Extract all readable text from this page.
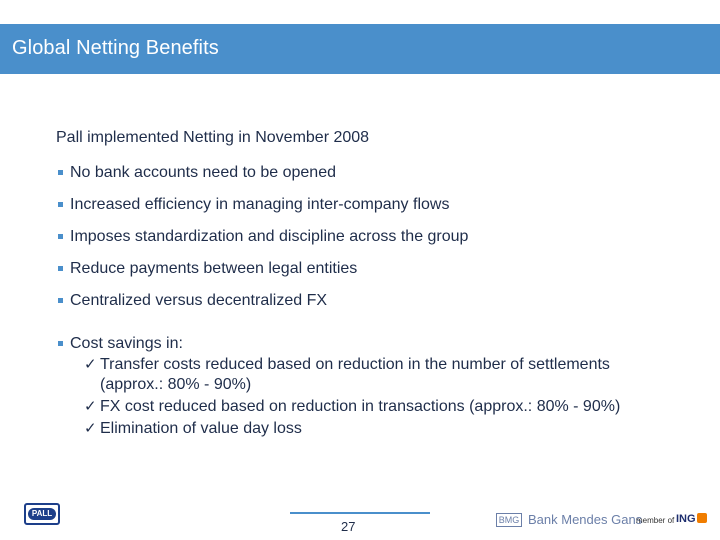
Global Netting Benefits

Pall implemented Netting in November 2008

No bank accounts need to be opened
Increased efficiency in managing inter-company flows
Imposes standardization and discipline across the group
Reduce payments between legal entities
Centralized versus decentralized FX
Cost savings in:
✓ Transfer costs reduced based on reduction in the number of settlements (approx.: 80% - 90%)
✓ FX cost reduced based on reduction in transactions (approx.: 80% - 90%)
✓ Elimination of value day loss
PALL
27	BMG Bank Mendes Gans
member of ING
